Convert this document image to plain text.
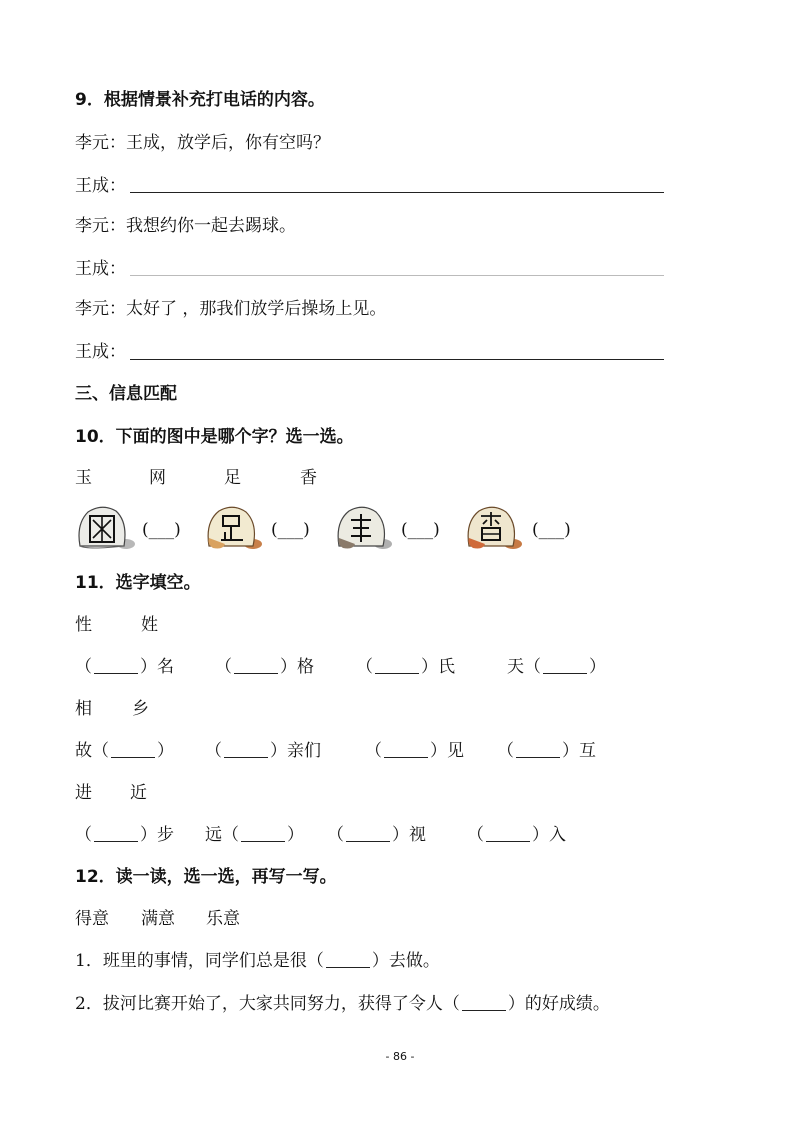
9．根据情景补充打电话的内容。
李元：王成，放学后，你有空吗？
王成：
李元：我想约你一起去踢球。
王成：
李元：太好了 ，那我们放学后操场上见。
王成：
三、信息匹配
10．下面的图中是哪个字？选一选。
玉	网	足	香
(___)	(___)	(___)	(___)
11．选字填空。
性	姓
（	）名 （	）格 （	）氏	天（	）
相 乡
故（	） （	）亲们	（	）见 （	）互
进 近
（	）步 远（	） （	）视 （	）入
12．读一读，选一选，再写一写。
得意 满意 乐意
1．班里的事情，同学们总是很（	）去做。
2．拔河比赛开始了，大家共同努力，获得了令人（	）的好成绩。
- 86 -
